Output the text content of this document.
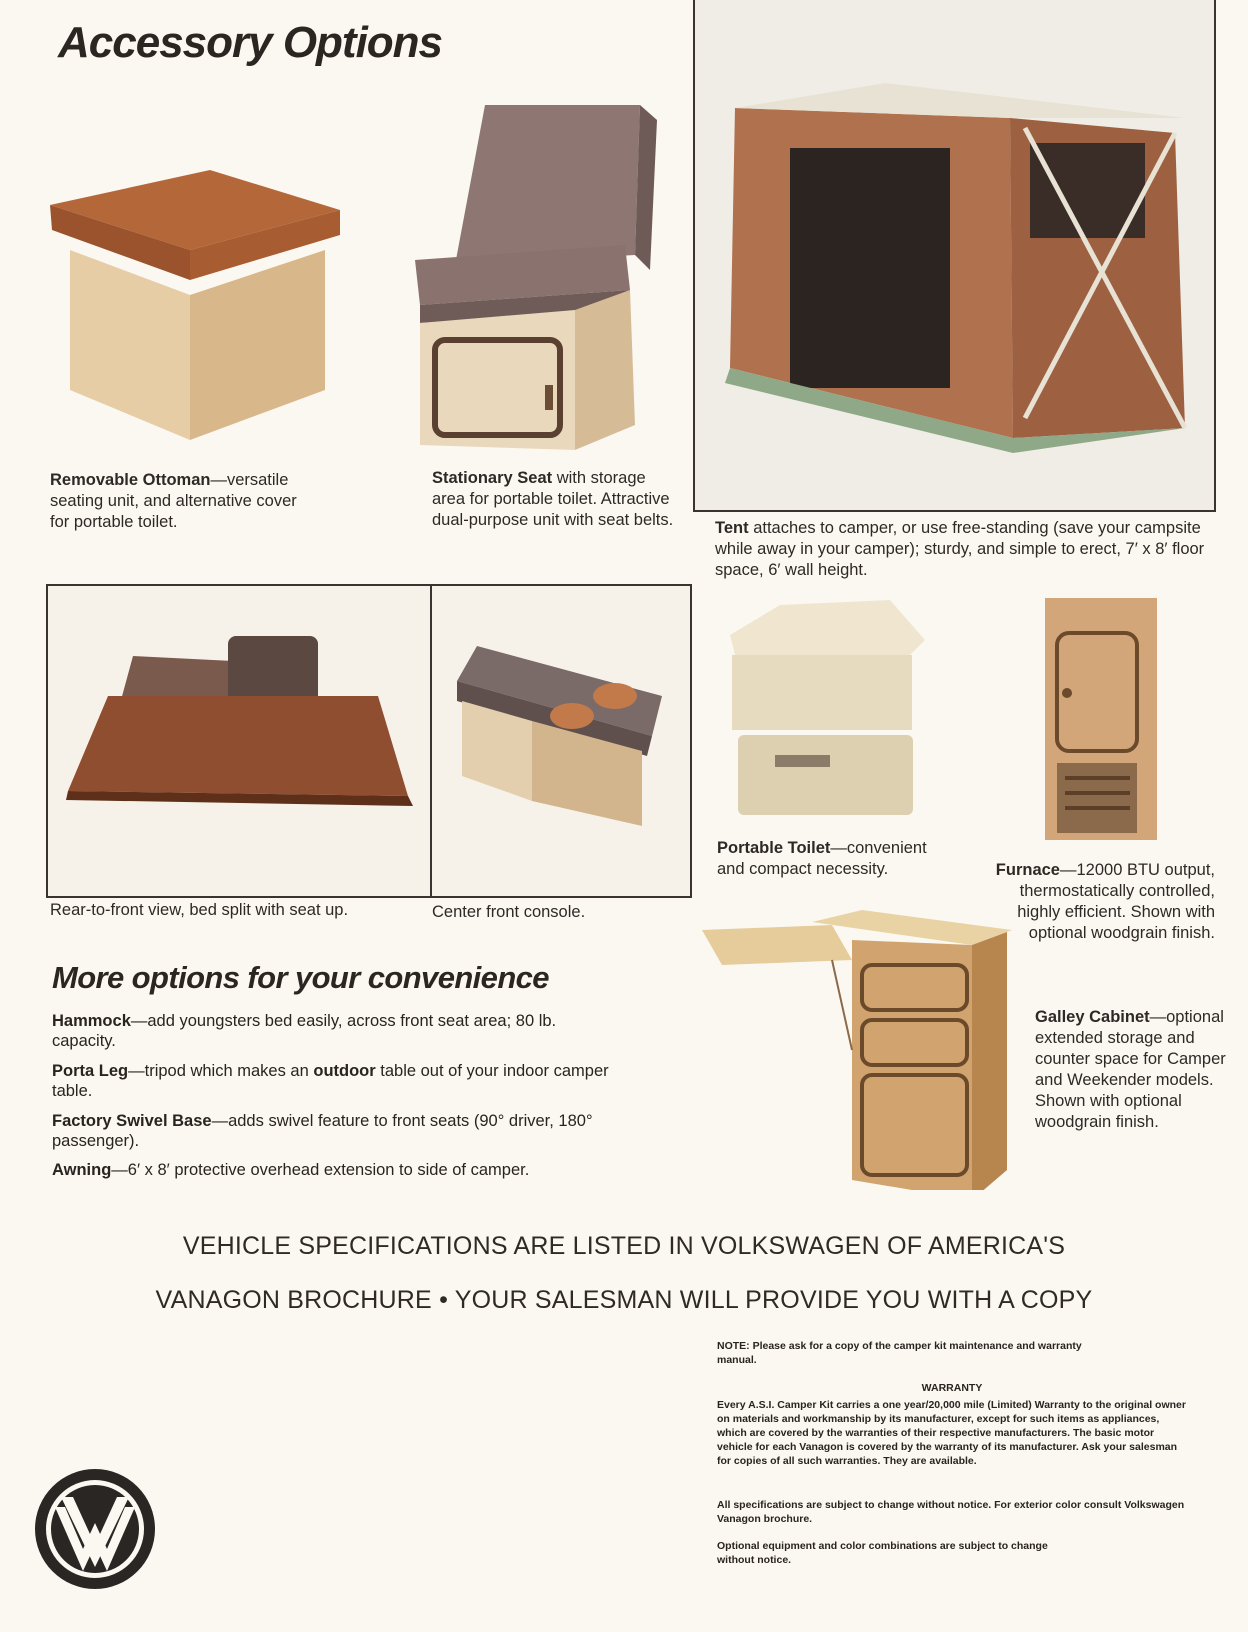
Accessory Options
Removable Ottoman—versatile seating unit, and alternative cover for portable toilet.
Stationary Seat with storage area for portable toilet. Attractive dual-purpose unit with seat belts.	Tent attaches to camper, or use free-standing (save your campsite while away in your camper); sturdy, and simple to erect, 7′ x 8′ floor space, 6′ wall height.
Rear-to-front view, bed split with seat up.	Center front console.
Portable Toilet—convenient and compact necessity.	Furnace—12000 BTU output, thermostatically controlled, highly efficient. Shown with optional woodgrain finish.
Galley Cabinet—optional extended storage and counter space for Camper and Weekender models. Shown with optional woodgrain finish.
More options for your convenience
Hammock—add youngsters bed easily, across front seat area; 80 lb. capacity.
Porta Leg—tripod which makes an outdoor table out of your indoor camper table.
Factory Swivel Base—adds swivel feature to front seats (90° driver, 180° passenger).
Awning—6′ x 8′ protective overhead extension to side of camper.
VEHICLE SPECIFICATIONS ARE LISTED IN VOLKSWAGEN OF AMERICA'S
VANAGON BROCHURE • YOUR SALESMAN WILL PROVIDE YOU WITH A COPY
NOTE: Please ask for a copy of the camper kit maintenance and warranty manual.
WARRANTY
Every A.S.I. Camper Kit carries a one year/20,000 mile (Limited) Warranty to the original owner on materials and workmanship by its manufacturer, except for such items as appliances, which are covered by the warranties of their respective manufacturers. The basic motor vehicle for each Vanagon is covered by the warranty of its manufacturer. Ask your salesman for copies of all such warranties. They are available.
All specifications are subject to change without notice. For exterior color consult Volkswagen Vanagon brochure.
Optional equipment and color combinations are subject to change without notice.
